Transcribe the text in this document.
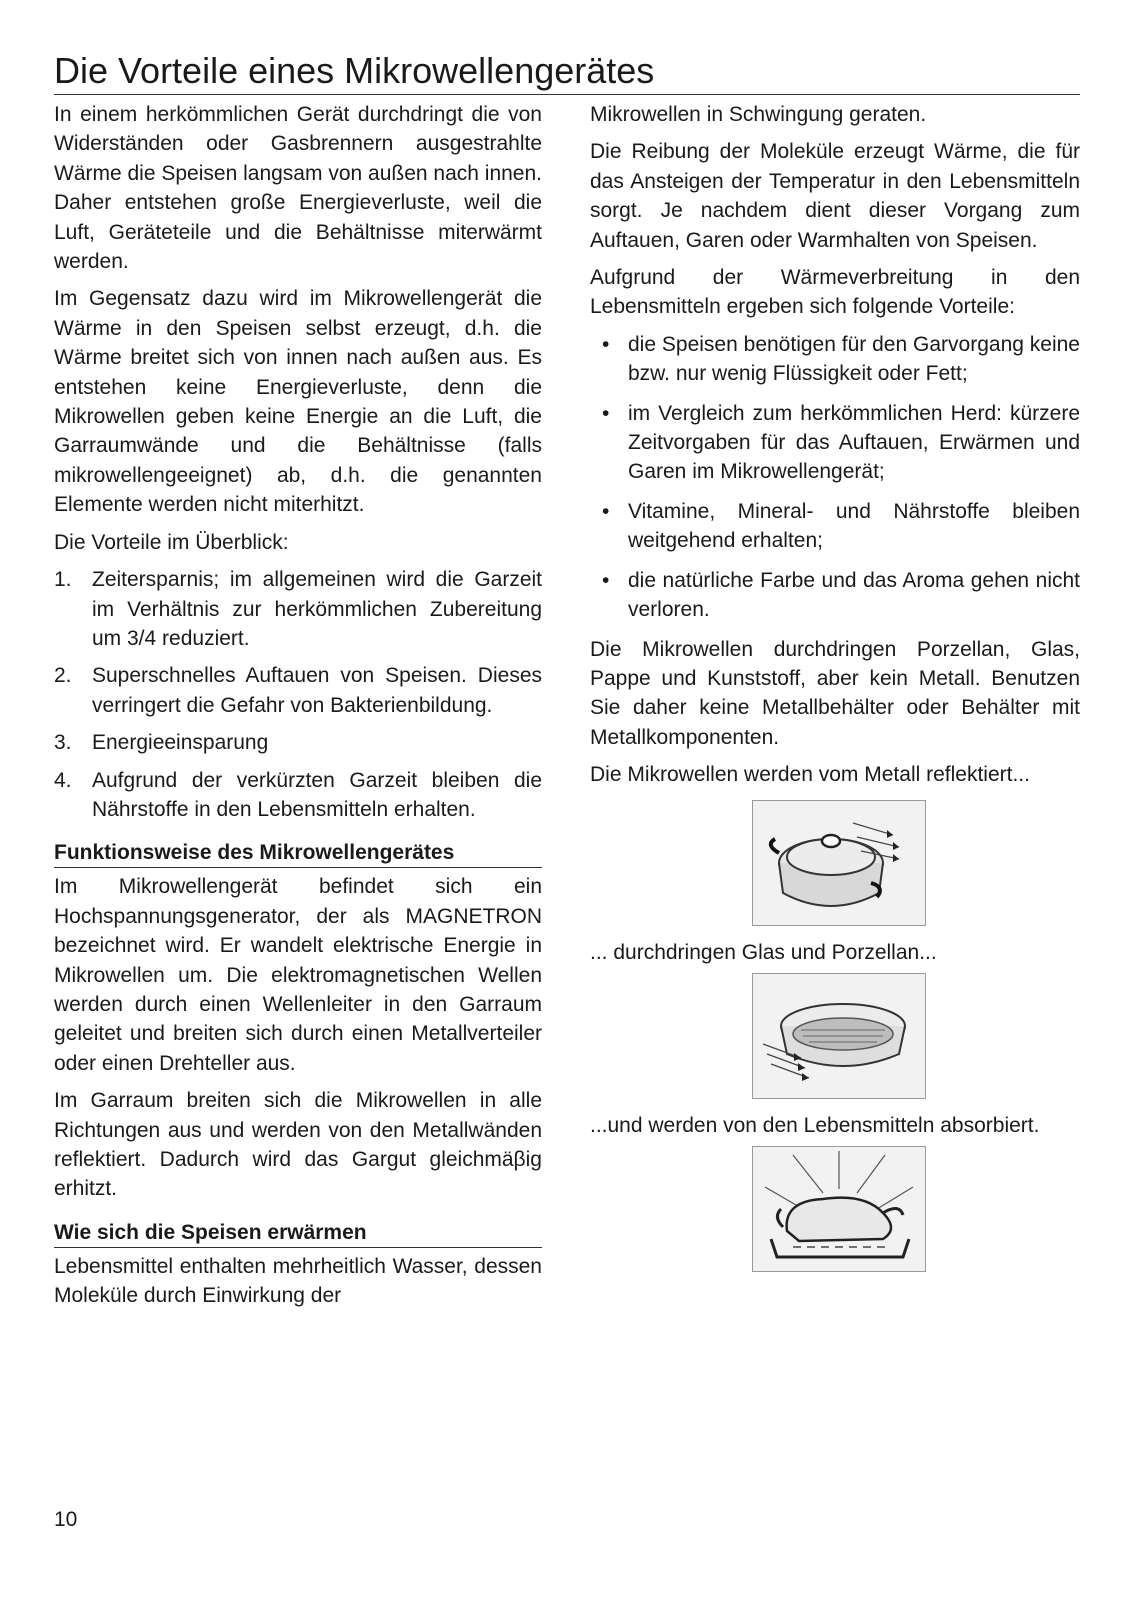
Die Vorteile eines Mikrowellengerätes

In einem herkömmlichen Gerät durchdringt die von Widerständen oder Gasbrennern ausgestrahlte Wärme die Speisen langsam von außen nach innen. Daher entstehen große Energieverluste, weil die Luft, Geräteteile und die Behältnisse miterwärmt werden.

Im Gegensatz dazu wird im Mikrowellengerät die Wärme in den Speisen selbst erzeugt, d.h. die Wärme breitet sich von innen nach außen aus. Es entstehen keine Energieverluste, denn die Mikrowellen geben keine Energie an die Luft, die Garraumwände und die Behältnisse (falls mikrowellengeeignet) ab, d.h. die genannten Elemente werden nicht miterhitzt.

Die Vorteile im Überblick:

1. Zeitersparnis; im allgemeinen wird die Garzeit im Verhältnis zur herkömmlichen Zubereitung um 3/4 reduziert.
2. Superschnelles Auftauen von Speisen. Dieses verringert die Gefahr von Bakterienbildung.
3. Energieeinsparung
4. Aufgrund der verkürzten Garzeit bleiben die Nährstoffe in den Lebensmitteln erhalten.
Funktionsweise des Mikrowellengerätes

Im Mikrowellengerät befindet sich ein Hochspannungsgenerator, der als MAGNETRON bezeichnet wird. Er wandelt elektrische Energie in Mikrowellen um. Die elektromagnetischen Wellen werden durch einen Wellenleiter in den Garraum geleitet und breiten sich durch einen Metallverteiler oder einen Drehteller aus.

Im Garraum breiten sich die Mikrowellen in alle Richtungen aus und werden von den Metallwänden reflektiert. Dadurch wird das Gargut gleichmäβig erhitzt.

Wie sich die Speisen erwärmen

Lebensmittel enthalten mehrheitlich Wasser, dessen Moleküle durch Einwirkung der

Mikrowellen in Schwingung geraten.

Die Reibung der Moleküle erzeugt Wärme, die für das Ansteigen der Temperatur in den Lebensmitteln sorgt. Je nachdem dient dieser Vorgang zum Auftauen, Garen oder Warmhalten von Speisen.

Aufgrund der Wärmeverbreitung in den Lebensmitteln ergeben sich folgende Vorteile:

• die Speisen benötigen für den Garvorgang keine bzw. nur wenig Flüssigkeit oder Fett;
• im Vergleich zum herkömmlichen Herd: kürzere Zeitvorgaben für das Auftauen, Erwärmen und Garen im Mikrowellengerät;
• Vitamine, Mineral- und Nährstoffe bleiben weitgehend erhalten;
• die natürliche Farbe und das Aroma gehen nicht verloren.

Die Mikrowellen durchdringen Porzellan, Glas, Pappe und Kunststoff, aber kein Metall. Benutzen Sie daher keine Metallbehälter oder Behälter mit Metallkomponenten.

Die Mikrowellen werden vom Metall reflektiert...

... durchdringen Glas und Porzellan...

...und werden von den Lebensmitteln absorbiert.

10
